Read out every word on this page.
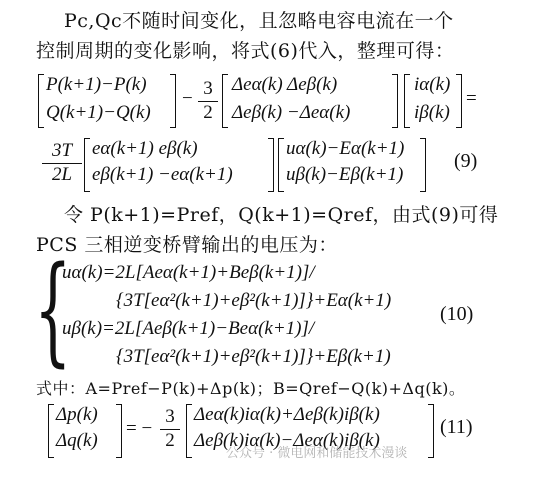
Pc,Qc不随时间变化，且忽略电容电流在一个
控制周期的变化影响，将式(6)代入，整理可得：
P(k+1)−P(k)
Q(k+1)−Q(k)
− 3
2
Δeα(k) Δeβ(k)
Δeβ(k) −Δeα(k)
iα(k)
iβ(k)
=
3T
2L
eα(k+1) eβ(k)
eβ(k+1) −eα(k+1)
uα(k)−Eα(k+1)
uβ(k)−Eβ(k+1)
(9)
令 P(k+1)=Pref，Q(k+1)=Qref，由式(9)可得
PCS 三相逆变桥臂输出的电压为：
{
uα(k)=2L[Aeα(k+1)+Beβ(k+1)]/
{3T[eα²(k+1)+eβ²(k+1)]}+Eα(k+1)
uβ(k)=2L[Aeβ(k+1)−Beα(k+1)]/
{3T[eα²(k+1)+eβ²(k+1)]}+Eβ(k+1)
(10)
式中：A=Pref−P(k)+Δp(k)；B=Qref−Q(k)+Δq(k)。
Δp(k)
Δq(k)
= −
3
2
Δeα(k)iα(k)+Δeβ(k)iβ(k)
Δeβ(k)iα(k)−Δeα(k)iβ(k)
(11)
公众号 · 微电网和储能技术漫谈
